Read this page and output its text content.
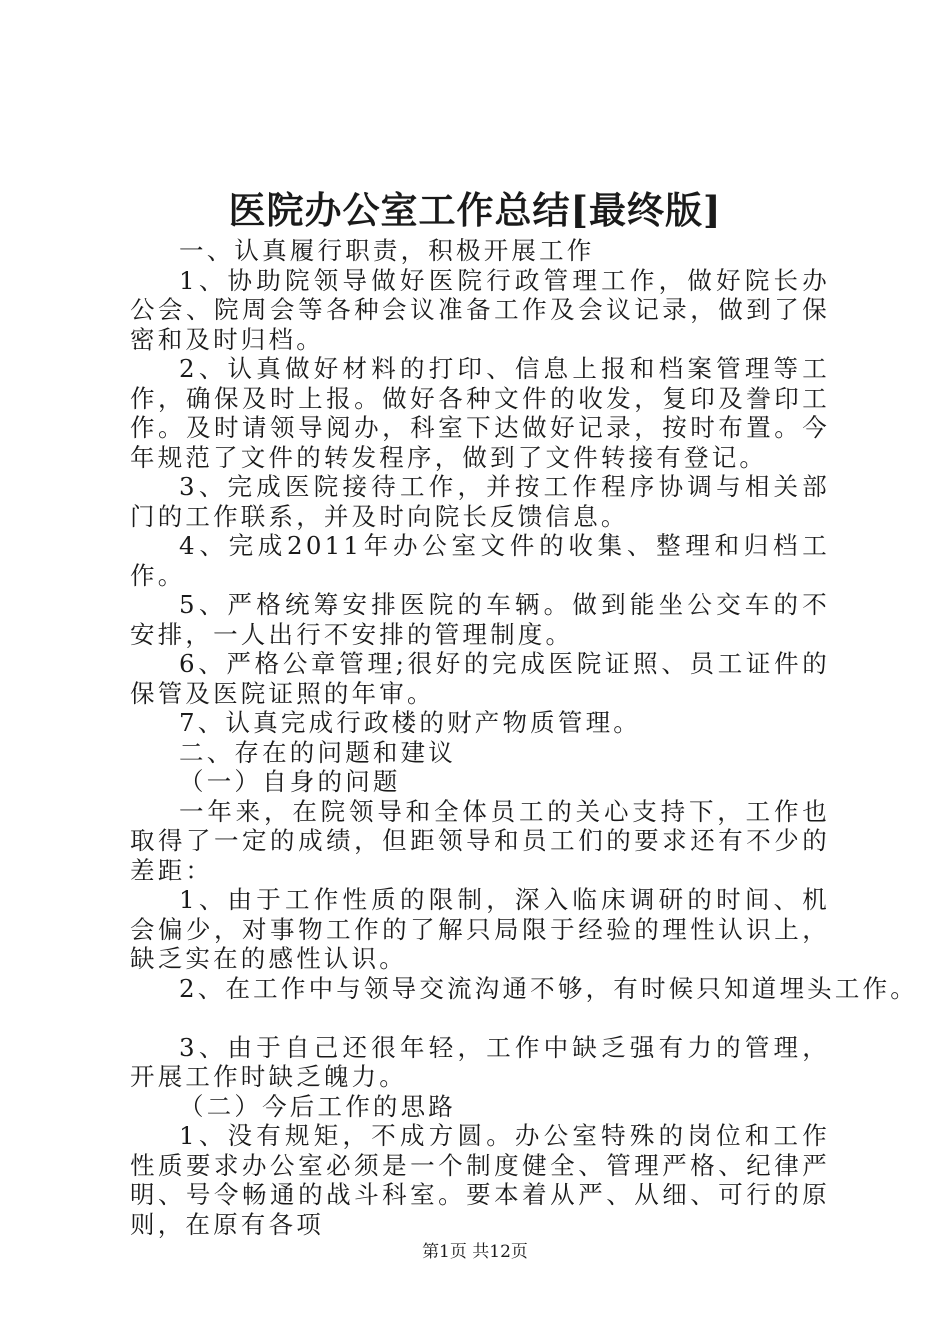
医院办公室工作总结[最终版]

一、认真履行职责，积极开展工作

1、协助院领导做好医院行政管理工作，做好院长办公会、院周会等各种会议准备工作及会议记录，做到了保密和及时归档。

2、认真做好材料的打印、信息上报和档案管理等工作，确保及时上报。做好各种文件的收发，复印及誊印工作。及时请领导阅办，科室下达做好记录，按时布置。今年规范了文件的转发程序，做到了文件转接有登记。

3、完成医院接待工作，并按工作程序协调与相关部门的工作联系，并及时向院长反馈信息。

4、完成2011年办公室文件的收集、整理和归档工作。

5、严格统筹安排医院的车辆。做到能坐公交车的不安排，一人出行不安排的管理制度。

6、严格公章管理;很好的完成医院证照、员工证件的保管及医院证照的年审。

7、认真完成行政楼的财产物质管理。

二、存在的问题和建议

（一）自身的问题

一年来，在院领导和全体员工的关心支持下，工作也取得了一定的成绩，但距领导和员工们的要求还有不少的差距：

1、由于工作性质的限制，深入临床调研的时间、机会偏少，对事物工作的了解只局限于经验的理性认识上，缺乏实在的感性认识。

2、在工作中与领导交流沟通不够，有时候只知道埋头工作。

3、由于自己还很年轻，工作中缺乏强有力的管理，开展工作时缺乏魄力。

（二）今后工作的思路

1、没有规矩，不成方圆。办公室特殊的岗位和工作性质要求办公室必须是一个制度健全、管理严格、纪律严明、号令畅通的战斗科室。要本着从严、从细、可行的原则，在原有各项

第1页 共12页
